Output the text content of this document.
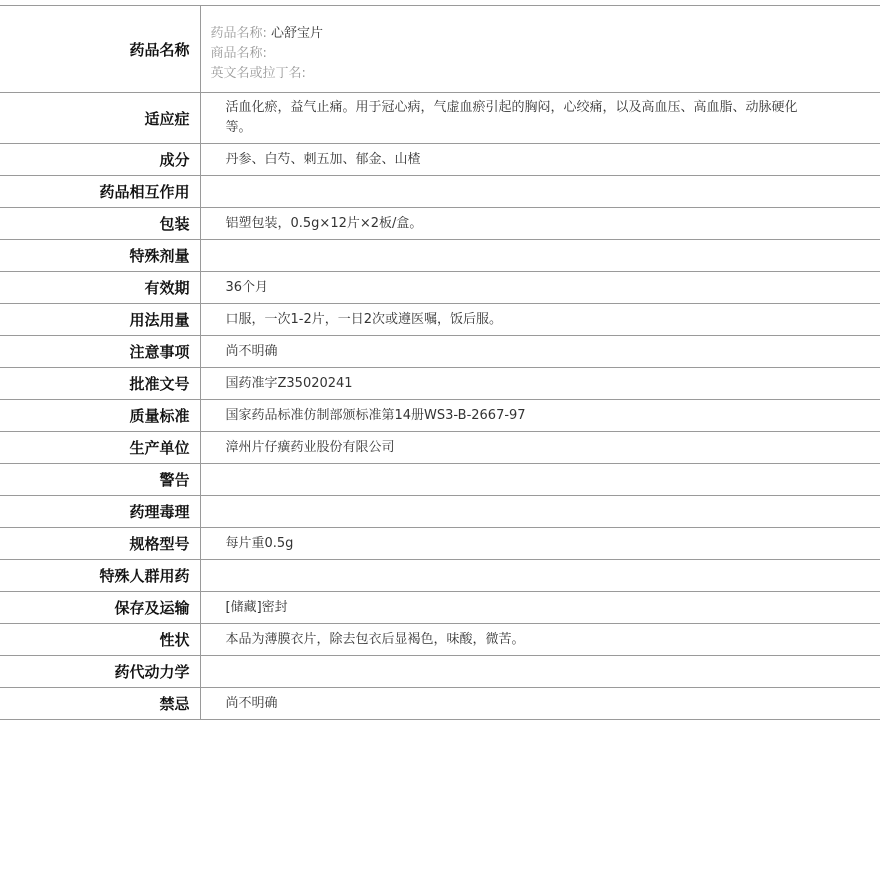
药品名称	药品名称: 心舒宝片
商品名称:
英文名或拉丁名:

适应症	活血化瘀，益气止痛。用于冠心病，气虚血瘀引起的胸闷，心绞痛，以及高血压、高血脂、动脉硬化等。
成分	丹参、白芍、刺五加、郁金、山楂
药品相互作用	
包装	铝塑包装，0.5g×12片×2板/盒。
特殊剂量	
有效期	36个月
用法用量	口服，一次1-2片，一日2次或遵医嘱，饭后服。
注意事项	尚不明确
批准文号	国药准字Z35020241
质量标准	国家药品标准仿制部颁标准第14册WS3-B-2667-97
生产单位	漳州片仔癀药业股份有限公司
警告	
药理毒理	
规格型号	每片重0.5g
特殊人群用药	
保存及运输	[储藏]密封
性状	本品为薄膜衣片，除去包衣后显褐色，味酸，微苦。
药代动力学	
禁忌	尚不明确
